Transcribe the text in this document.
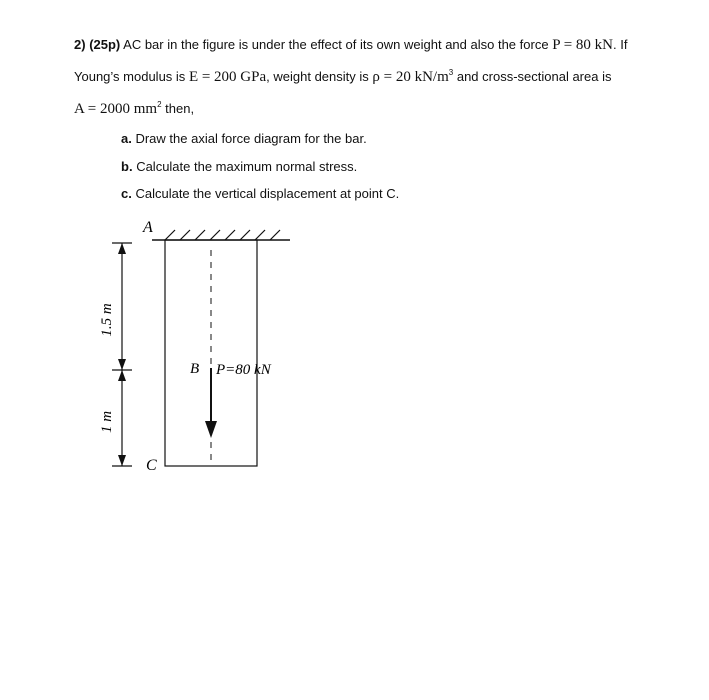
2) (25p) AC bar in the figure is under the effect of its own weight and also the force P = 80 kN. If
Young’s modulus is E = 200 GPa, weight density is ρ = 20 $kN/m^3$ and cross-sectional area is
A = 2000 $mm^2$ then,
a. Draw the axial force diagram for the bar.
b. Calculate the maximum normal stress.
c. Calculate the vertical displacement at point C.
A
B P=80 kN
C
1.5 m
1 m
